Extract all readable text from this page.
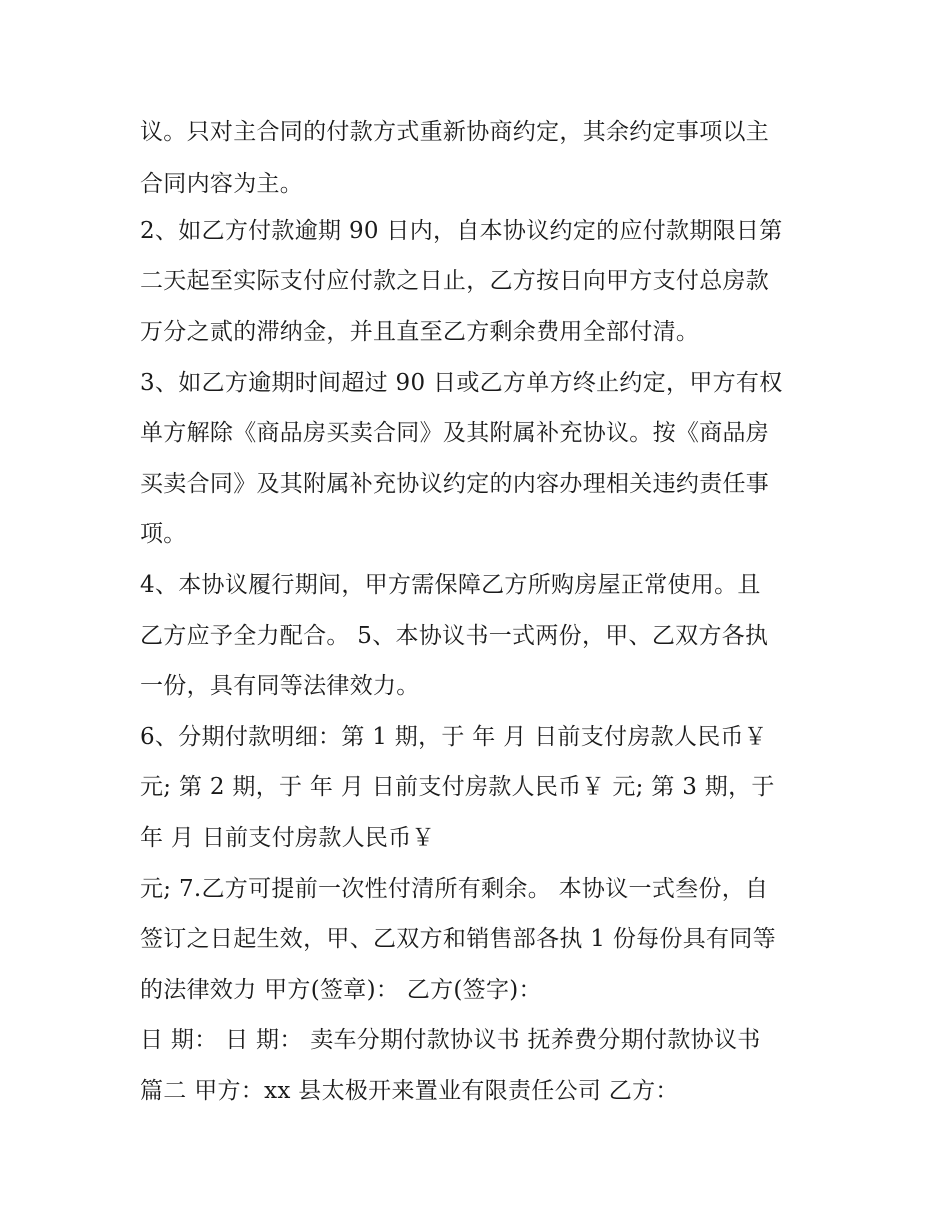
议。只对主合同的付款方式重新协商约定，其余约定事项以主
合同内容为主。
2、如乙方付款逾期 90 日内，自本协议约定的应付款期限日第
二天起至实际支付应付款之日止，乙方按日向甲方支付总房款
万分之贰的滞纳金，并且直至乙方剩余费用全部付清。
3、如乙方逾期时间超过 90 日或乙方单方终止约定，甲方有权
单方解除《商品房买卖合同》及其附属补充协议。按《商品房
买卖合同》及其附属补充协议约定的内容办理相关违约责任事
项。
4、本协议履行期间，甲方需保障乙方所购房屋正常使用。且
乙方应予全力配合。 5、本协议书一式两份，甲、乙双方各执
一份，具有同等法律效力。
6、分期付款明细：第 1 期，于 年 月 日前支付房款人民币￥
元; 第 2 期，于 年 月 日前支付房款人民币￥ 元; 第 3 期，于
年 月 日前支付房款人民币￥
元; 7.乙方可提前一次性付清所有剩余。 本协议一式叁份，自
签订之日起生效，甲、乙双方和销售部各执 1 份每份具有同等
的法律效力 甲方(签章)： 乙方(签字)：
日 期： 日 期： 卖车分期付款协议书 抚养费分期付款协议书
篇二 甲方：xx 县太极开来置业有限责任公司 乙方：
